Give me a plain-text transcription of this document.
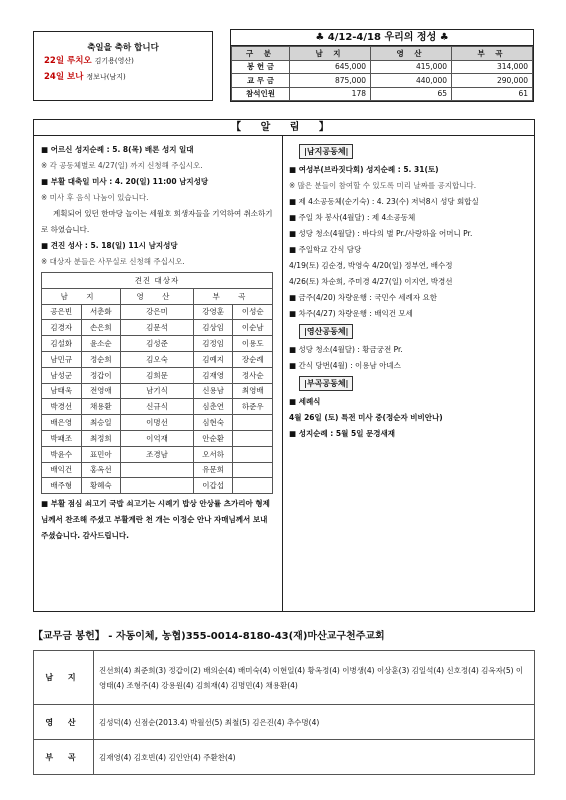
축일을 축하 합니다
22일 루치오 김기용(영산)
24일 보나 정보나(남지)
♣ 4/12-4/18 우리의 정성 ♣
구 분	남 지	영 산	부 곡
봉 헌 금	645,000	415,000	314,000
교 무 금	875,000	440,000	290,000
참석인원	178	65	61
【 알 림 】
■ 어르신 성지순례 : 5. 8(목) 배론 성지 일대
※ 각 공동체별로 4/27(일) 까지 신청해 주십시오.
■ 부활 대축일 미사 : 4. 20(일) 11:00 남지성당
※ 미사 후 음식 나눔이 있습니다.
계획되어 있던 한마당 놀이는 세월호 희생자들을 기억하여 취소하기로 하였습니다.
■ 견진 성사 : 5. 18(일) 11시 남지성당
※ 대상자 분들은 사무실로 신청해 주십시오.
견진 대상자				
남 지		영 산	부 곡	
공은빈	서춘화	강은미	강영훈	이성순
김경자	손은희	김문석	김상임	이순남
김설화	윤소순	김성준	김정임	이용도
남민규	정순희	김오숙	김예지	장순례
남성군	정갑이	김희문	김재영	정사순
남태욱	전영애	남기식	신용남	최영배
박경선	채용환	신규식	심춘연	하준우
배은영	최승일	이명선	심현숙	
박패조	최정희	이억재	안순환	
박윤수	표민아	조경남	오서하	
배익건	홍옥선		유문희	
배주형	황혜숙		이갑섭	
■ 부활 점심 쇠고기 국밥 쇠고기는 시례기 밥상 안상률 츠가리아 형제님께서 찬조해 주셨고 부활계란 천 개는 이정순 안나 자매님께서 보내 주셨습니다. 감사드립니다.
|남지공동체|
■ 여성부(브라짓다회) 성지순례 : 5. 31(토)
※ 많은 분들이 참여할 수 있도록 미리 날짜를 공지합니다.
■ 제 4소공동체(순기숙) : 4. 23(수) 저녁8시 성당 회합실
■ 주일 차 봉사(4월달) : 제 4소공동체
■ 성당 청소(4월달) : 바다의 별 Pr./사랑하올 어머니 Pr.
■ 주일학교 간식 담당
4/19(토) 김순경, 박영숙 4/20(일) 정부연, 배수정
4/26(토) 차순희, 주미경 4/27(일) 이지연, 박경선
■ 금주(4/20) 차량운행 : 국민수 세례자 요한
■ 차주(4/27) 차량운행 : 배익건 모세
|영산공동체|
■ 성당 청소(4월달) : 황금궁전 Pr.
■ 간식 당번(4월) : 이용남 아녜스
|부곡공동체|
■ 세례식
4월 26일 (토) 특전 미사 중(정순자 비비안나)
■ 성지순례 : 5월 5일 문경새재
【교무금 봉헌】 - 자동이체, 농협)355-0014-8180-43(재)마산교구천주교회
남 지	진선희(4) 최준희(3) 정갑이(2) 배의순(4) 배미숙(4) 이현일(4) 황옥정(4) 이병생(4) 이상훈(3) 김일석(4) 신호정(4) 김옥자(5) 이영태(4) 조형주(4) 강용원(4) 김희재(4) 김명민(4) 채용환(4)
영 산	김성덕(4) 신점순(2013.4) 박월선(5) 최철(5) 김은진(4) 추수명(4)
부 곡	김재영(4) 김호빈(4) 김인안(4) 주환찬(4)
